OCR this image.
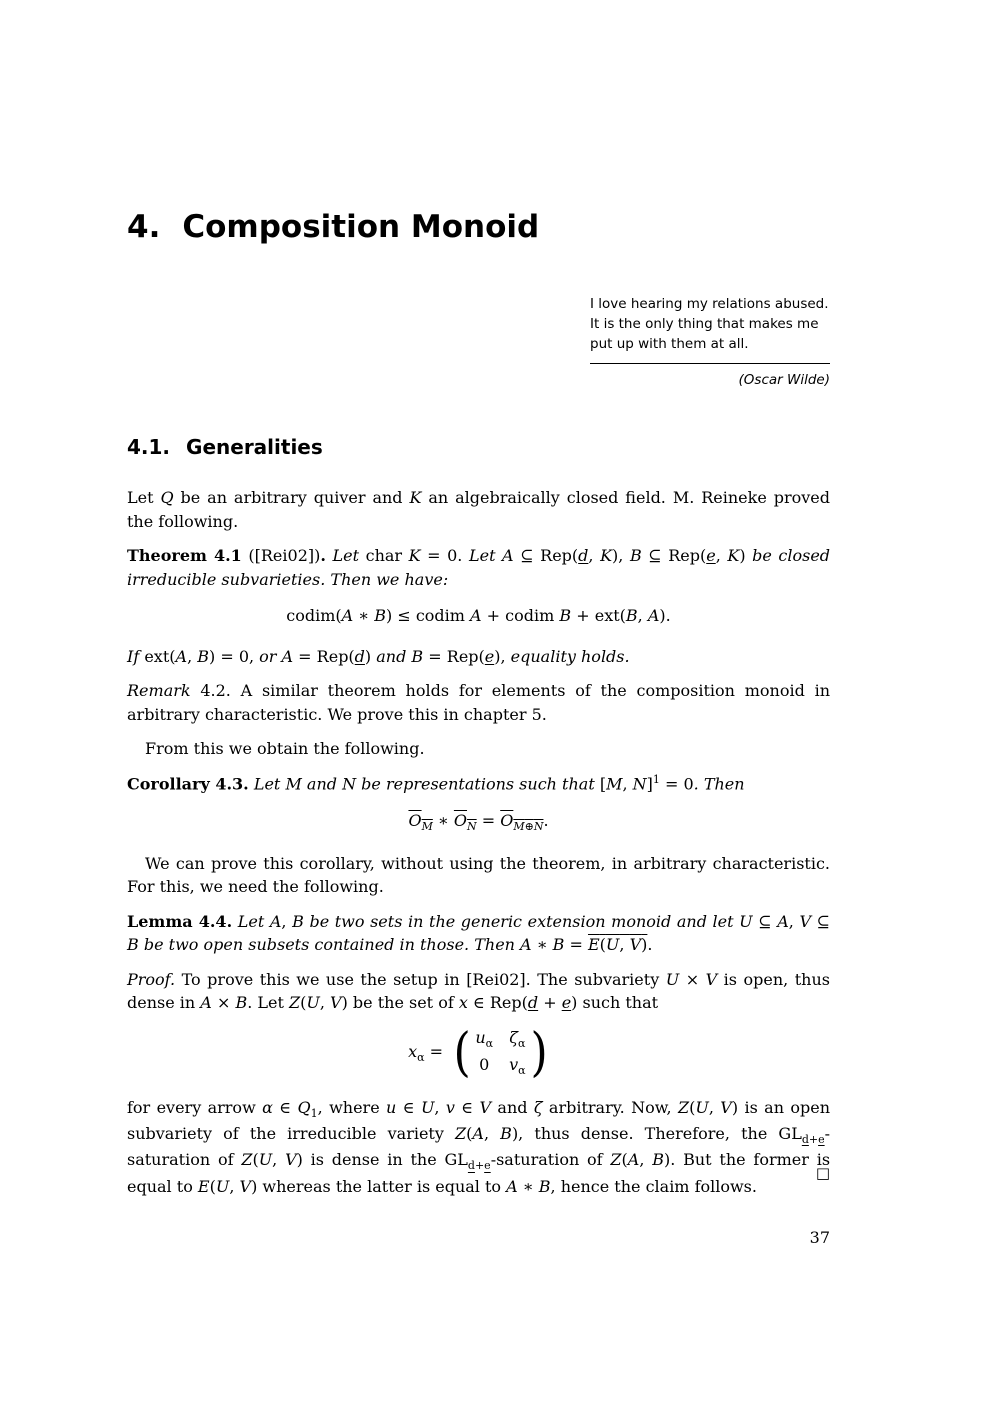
4. Composition Monoid
I love hearing my relations abused. It is the only thing that makes me put up with them at all.
(Oscar Wilde)
4.1. Generalities

Let Q be an arbitrary quiver and K an algebraically closed field. M. Reineke proved the following.

Theorem 4.1 ([Rei02]). Let char K = 0. Let A ⊆ Rep(d, K), B ⊆ Rep(e, K) be closed irreducible subvarieties. Then we have:

codim(A ∗ B) ≤ codim A + codim B + ext(B, A).

If ext(A, B) = 0, or A = Rep(d) and B = Rep(e), equality holds.

Remark 4.2. A similar theorem holds for elements of the composition monoid in arbitrary characteristic. We prove this in chapter 5.

From this we obtain the following.

Corollary 4.3. Let M and N be representations such that [M, N]$^1$ = 0. Then

$O_M$ ∗ $O_N = O_{M\oplus N}$.

We can prove this corollary, without using the theorem, in arbitrary characteristic. For this, we need the following.

Lemma 4.4. Let A, B be two sets in the generic extension monoid and let U ⊆ A, V ⊆ B be two open subsets contained in those. Then A ∗ B = E(U, V).

Proof. To prove this we use the setup in [Rei02]. The subvariety U × V is open, thus dense in A × B. Let Z(U, V) be the set of x ∈ Rep(d + e) such that

$x_\alpha$ = ( $u_\alpha$ $\zeta_\alpha$
0 $v_\alpha$ )

for every arrow α ∈ $Q_1$, where u ∈ U, v ∈ V and ζ arbitrary. Now, Z(U, V) is an open subvariety of the irreducible variety Z(A, B), thus dense. Therefore, the $GL_{d+e}$-saturation of Z(U, V) is dense in the $GL_{d+e}$-saturation of Z(A, B). But the former is equal to E(U, V) whereas the latter is equal to A ∗ B, hence the claim follows.

□
37
